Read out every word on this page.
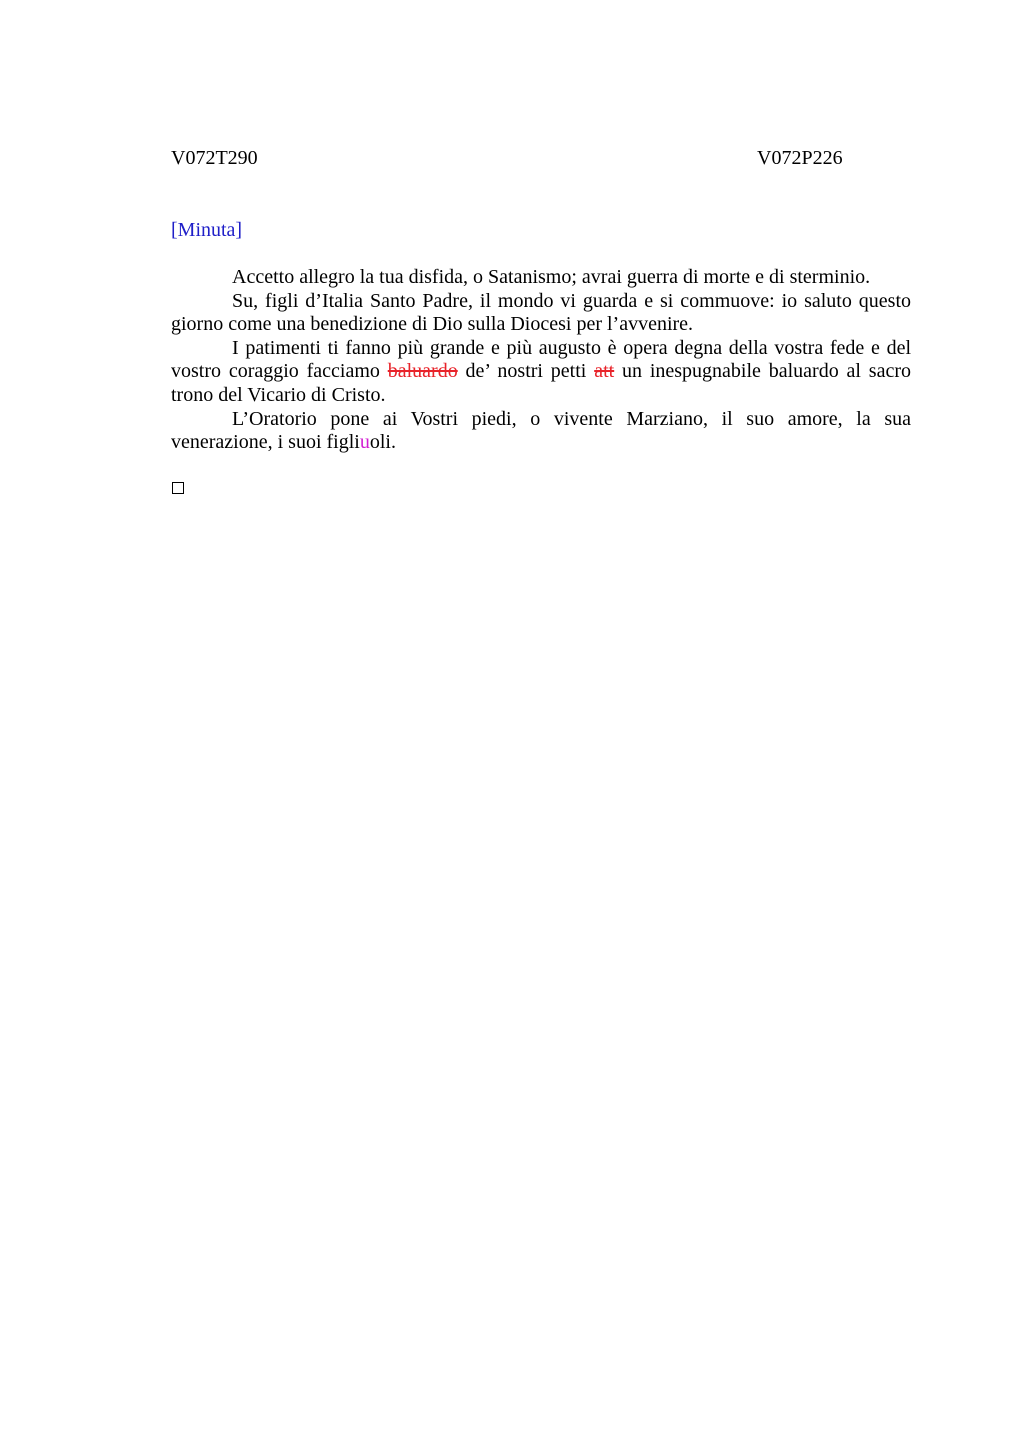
V072T290	V072P226
[Minuta]

Accetto allegro la tua disfida, o Satanismo; avrai guerra di morte e di sterminio.

Su, figli d’Italia Santo Padre, il mondo vi guarda e si commuove: io saluto questo giorno come una benedizione di Dio sulla Diocesi per l’avvenire.

I patimenti ti fanno più grande e più augusto è opera degna della vostra fede e del vostro coraggio facciamo baluardo de’ nostri petti att un inespugnabile baluardo al sacro trono del Vicario di Cristo.

L’Oratorio pone ai Vostri piedi, o vivente Marziano, il suo amore, la sua venerazione, i suoi figliuoli.
